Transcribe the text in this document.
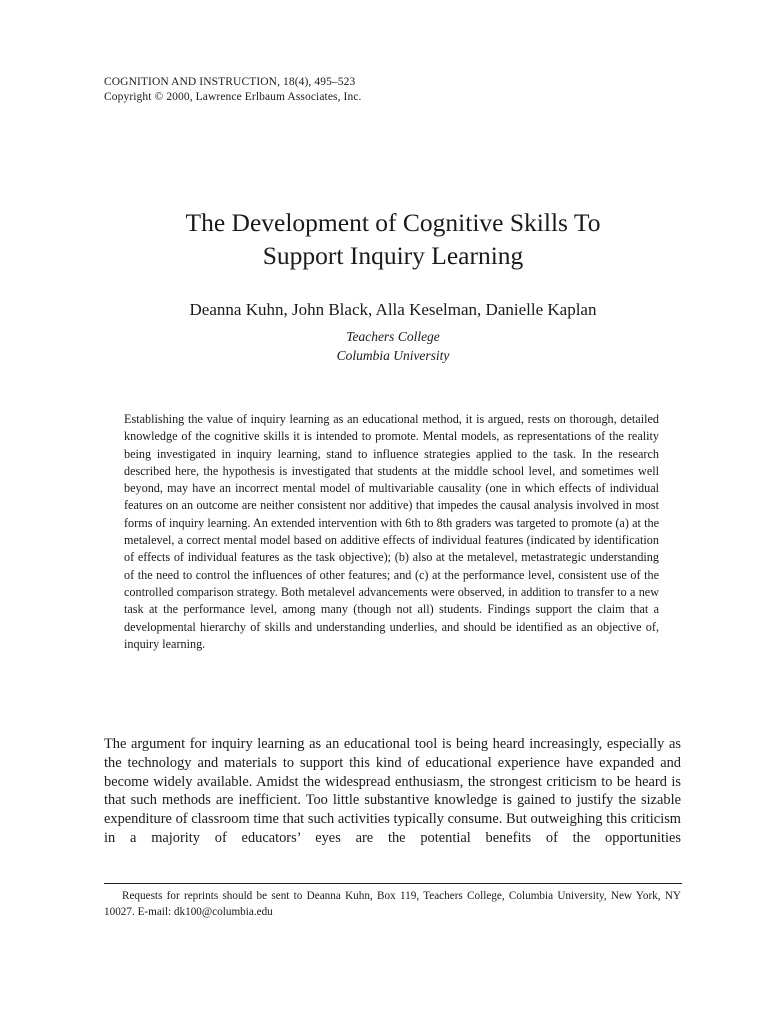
COGNITION AND INSTRUCTION, 18(4), 495–523
Copyright © 2000, Lawrence Erlbaum Associates, Inc.
The Development of Cognitive Skills To
Support Inquiry Learning
Deanna Kuhn, John Black, Alla Keselman, Danielle Kaplan
Teachers College
Columbia University

Establishing the value of inquiry learning as an educational method, it is argued, rests on thorough, detailed knowledge of the cognitive skills it is intended to promote. Mental models, as representations of the reality being investigated in inquiry learning, stand to influence strategies applied to the task. In the research described here, the hypothesis is investigated that students at the middle school level, and sometimes well beyond, may have an incorrect mental model of multivariable causality (one in which effects of individual features on an outcome are neither consistent nor additive) that impedes the causal analysis involved in most forms of inquiry learning. An extended intervention with 6th to 8th graders was targeted to promote (a) at the metalevel, a correct mental model based on additive effects of individual features (indicated by identification of effects of individual features as the task objective); (b) also at the metalevel, metastrategic understanding of the need to control the influences of other features; and (c) at the performance level, consistent use of the controlled comparison strategy. Both metalevel advancements were observed, in addition to transfer to a new task at the performance level, among many (though not all) students. Findings support the claim that a developmental hierarchy of skills and understanding underlies, and should be identified as an objective of, inquiry learning.

The argument for inquiry learning as an educational tool is being heard increasingly, especially as the technology and materials to support this kind of educational experience have expanded and become widely available. Amidst the widespread enthusiasm, the strongest criticism to be heard is that such methods are inefficient. Too little substantive knowledge is gained to justify the sizable expenditure of classroom time that such activities typically consume. But outweighing this criticism in a majority of educators’ eyes are the potential benefits of the opportunities

Requests for reprints should be sent to Deanna Kuhn, Box 119, Teachers College, Columbia University, New York, NY 10027. E-mail: dk100@columbia.edu
